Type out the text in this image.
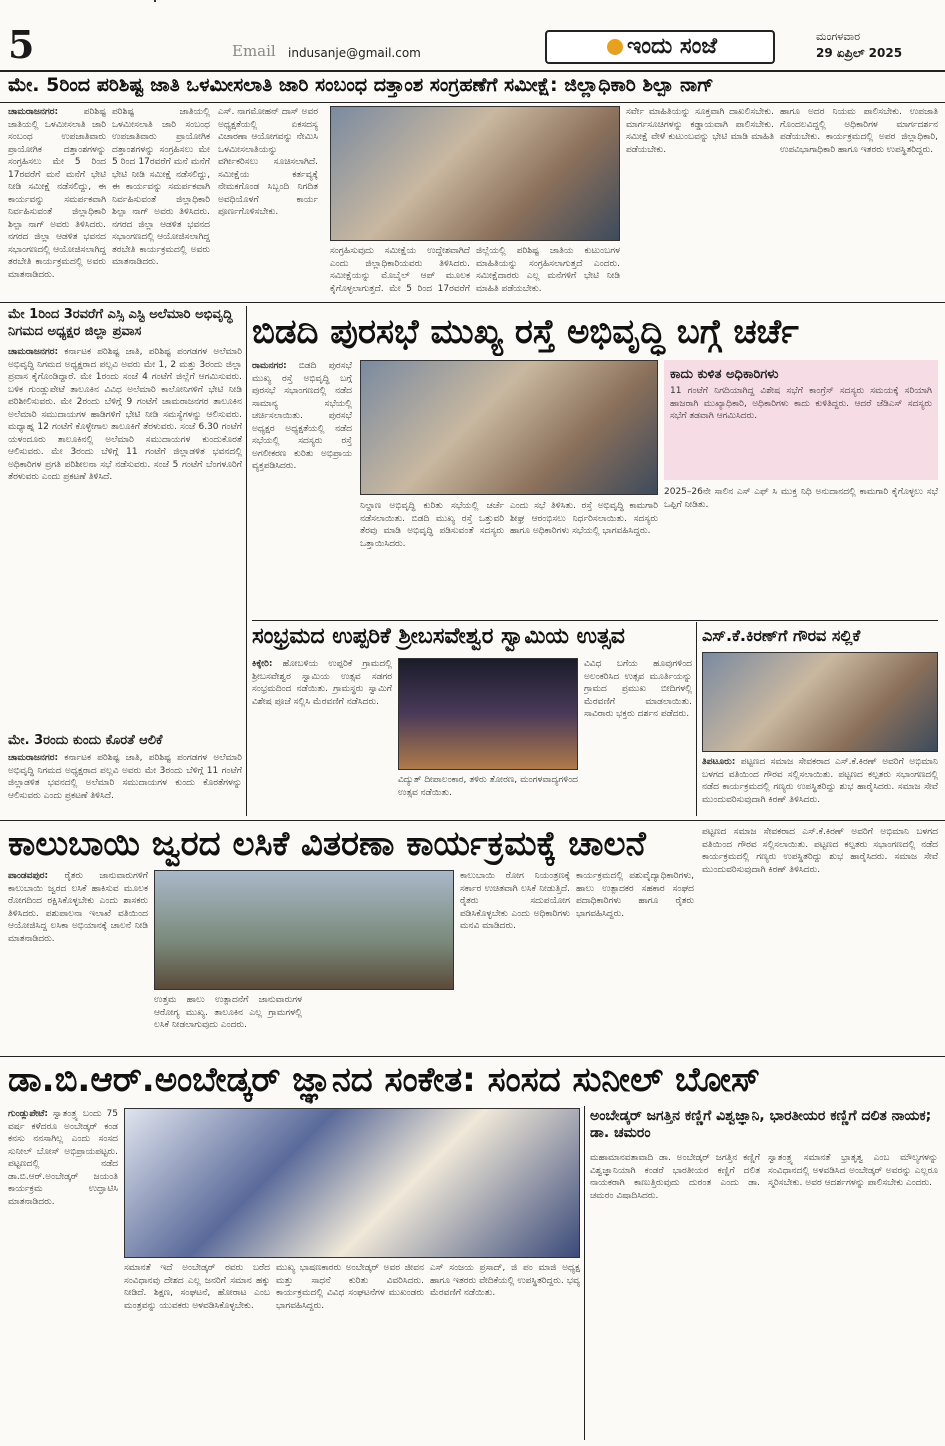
5	Email indusanje@gmail.com	ಇಂದು ಸಂಜೆ	ಮಂಗಳವಾರ
29 ಏಪ್ರಿಲ್ 2025
ಮೇ. 5ರಿಂದ ಪರಿಶಿಷ್ಟ ಜಾತಿ ಒಳಮೀಸಲಾತಿ ಜಾರಿ ಸಂಬಂಧ ದತ್ತಾಂಶ ಸಂಗ್ರಹಣೆಗೆ ಸಮೀಕ್ಷೆ: ಜಿಲ್ಲಾಧಿಕಾರಿ ಶಿಲ್ಪಾ ನಾಗ್
ಚಾಮರಾಜನಗರ:	ಪರಿಶಿಷ್ಟ ಜಾತಿಯಲ್ಲಿ ಒಳಮೀಸಲಾತಿ ಜಾರಿ ಸಂಬಂಧ ಉಪಜಾತಿವಾರು ಪ್ರಾಯೋಗಿಕ ದತ್ತಾಂಶಗಳನ್ನು ಸಂಗ್ರಹಿಸಲು ಮೇ 5 ರಿಂದ 17ರವರೆಗೆ ಮನೆ ಮನೆಗೆ ಭೇಟಿ ನೀಡಿ ಸಮೀಕ್ಷೆ ನಡೆಸಲಿದ್ದು, ಈ ಕಾರ್ಯವನ್ನು ಸಮರ್ಪಕವಾಗಿ ನಿರ್ವಹಿಸುವಂತೆ ಜಿಲ್ಲಾಧಿಕಾರಿ ಶಿಲ್ಪಾ ನಾಗ್ ಅವರು ತಿಳಿಸಿದರು. ನಗರದ ಜಿಲ್ಲಾ ಆಡಳಿತ ಭವನದ ಸಭಾಂಗಣದಲ್ಲಿ ಆಯೋಜಿಸಲಾಗಿದ್ದ ತರಬೇತಿ ಕಾರ್ಯಕ್ರಮದಲ್ಲಿ ಅವರು ಮಾತನಾಡಿದರು.
ಪರಿಶಿಷ್ಟ ಜಾತಿಯಲ್ಲಿ ಒಳಮೀಸಲಾತಿ ಜಾರಿ ಸಂಬಂಧ ಉಪಜಾತಿವಾರು ಪ್ರಾಯೋಗಿಕ ದತ್ತಾಂಶಗಳನ್ನು ಸಂಗ್ರಹಿಸಲು ಮೇ 5 ರಿಂದ 17ರವರೆಗೆ ಮನೆ ಮನೆಗೆ ಭೇಟಿ ನೀಡಿ ಸಮೀಕ್ಷೆ ನಡೆಸಲಿದ್ದು, ಈ ಕಾರ್ಯವನ್ನು ಸಮರ್ಪಕವಾಗಿ ನಿರ್ವಹಿಸುವಂತೆ ಜಿಲ್ಲಾಧಿಕಾರಿ ಶಿಲ್ಪಾ ನಾಗ್ ಅವರು ತಿಳಿಸಿದರು. ನಗರದ ಜಿಲ್ಲಾ ಆಡಳಿತ ಭವನದ ಸಭಾಂಗಣದಲ್ಲಿ ಆಯೋಜಿಸಲಾಗಿದ್ದ ತರಬೇತಿ ಕಾರ್ಯಕ್ರಮದಲ್ಲಿ ಅವರು ಮಾತನಾಡಿದರು.
ಎಸ್. ನಾಗಮೋಹನ್ ದಾಸ್ ಅವರ ಅಧ್ಯಕ್ಷತೆಯಲ್ಲಿ ಏಕಸದಸ್ಯ ವಿಚಾರಣಾ ಆಯೋಗವನ್ನು ನೇಮಿಸಿ ಒಳಮೀಸಲಾತಿಯನ್ನು ವರ್ಗೀಕರಿಸಲು ಸೂಚಿಸಲಾಗಿದೆ. ಸಮೀಕ್ಷೆಯ ಕರ್ತವ್ಯಕ್ಕೆ ನೇಮಕಗೊಂಡ ಸಿಬ್ಬಂದಿ ನಿಗದಿತ ಅವಧಿಯೊಳಗೆ ಕಾರ್ಯ ಪೂರ್ಣಗೊಳಿಸಬೇಕು.
ಸಂಗ್ರಹಿಸುವುದು ಸಮೀಕ್ಷೆಯ ಉದ್ದೇಶವಾಗಿದೆ ಎಂದು ಜಿಲ್ಲಾಧಿಕಾರಿಯವರು ತಿಳಿಸಿದರು. ಸಮೀಕ್ಷೆಯನ್ನು ಮೊಬೈಲ್ ಆಪ್ ಮೂಲಕ ಕೈಗೊಳ್ಳಲಾಗುತ್ತದೆ. ಮೇ 5 ರಿಂದ 17ರವರೆಗೆ
ಜಿಲ್ಲೆಯಲ್ಲಿ ಪರಿಶಿಷ್ಟ ಜಾತಿಯ ಕುಟುಂಬಗಳ ಮಾಹಿತಿಯನ್ನು ಸಂಗ್ರಹಿಸಲಾಗುತ್ತದೆ ಎಂದರು. ಸಮೀಕ್ಷೆದಾರರು ಎಲ್ಲ ಮನೆಗಳಿಗೆ ಭೇಟಿ ನೀಡಿ ಮಾಹಿತಿ ಪಡೆಯಬೇಕು.
ಸರ್ವೇ ಮಾಹಿತಿಯನ್ನು ಸೂಕ್ತವಾಗಿ ದಾಖಲಿಸಬೇಕು. ಮಾರ್ಗಸೂಚಿಗಳನ್ನು ಕಡ್ಡಾಯವಾಗಿ ಪಾಲಿಸಬೇಕು. ಸಮೀಕ್ಷೆ ವೇಳೆ ಕುಟುಂಬವನ್ನು ಭೇಟಿ ಮಾಡಿ ಮಾಹಿತಿ ಪಡೆಯಬೇಕು.
ಹಾಗೂ ಅದರ ನಿಯಮ ಪಾಲಿಸಬೇಕು. ಉಪಜಾತಿ ಗೊಂದಲವಿದ್ದಲ್ಲಿ ಅಧಿಕಾರಿಗಳ ಮಾರ್ಗದರ್ಶನ ಪಡೆಯಬೇಕು. ಕಾರ್ಯಕ್ರಮದಲ್ಲಿ ಅಪರ ಜಿಲ್ಲಾಧಿಕಾರಿ, ಉಪವಿಭಾಗಾಧಿಕಾರಿ ಹಾಗೂ ಇತರರು ಉಪಸ್ಥಿತರಿದ್ದರು.
ಮೇ 1ರಿಂದ 3ರವರೆಗೆ ಎಸ್ಸಿ ಎಸ್ಟಿ ಅಲೆಮಾರಿ ಅಭಿವೃದ್ಧಿ ನಿಗಮದ ಅಧ್ಯಕ್ಷರ ಜಿಲ್ಲಾ ಪ್ರವಾಸ
ಚಾಮರಾಜನಗರ: ಕರ್ನಾಟಕ ಪರಿಶಿಷ್ಟ ಜಾತಿ, ಪರಿಶಿಷ್ಟ ಪಂಗಡಗಳ ಅಲೆಮಾರಿ ಅಭಿವೃದ್ಧಿ ನಿಗಮದ ಅಧ್ಯಕ್ಷರಾದ ಪಲ್ಲವಿ ಅವರು ಮೇ 1, 2 ಮತ್ತು 3ರಂದು ಜಿಲ್ಲಾ ಪ್ರವಾಸ ಕೈಗೊಂಡಿದ್ದಾರೆ. ಮೇ 1ರಂದು ಸಂಜೆ 4 ಗಂಟೆಗೆ ಜಿಲ್ಲೆಗೆ ಆಗಮಿಸುವರು. ಬಳಿಕ ಗುಂಡ್ಲುಪೇಟೆ ತಾಲೂಕಿನ ವಿವಿಧ ಅಲೆಮಾರಿ ಕಾಲೋನಿಗಳಿಗೆ ಭೇಟಿ ನೀಡಿ ಪರಿಶೀಲಿಸುವರು. ಮೇ 2ರಂದು ಬೆಳಿಗ್ಗೆ 9 ಗಂಟೆಗೆ ಚಾಮರಾಜನಗರ ತಾಲೂಕಿನ ಅಲೆಮಾರಿ ಸಮುದಾಯಗಳ ಹಾಡಿಗಳಿಗೆ ಭೇಟಿ ನೀಡಿ ಸಮಸ್ಯೆಗಳನ್ನು ಆಲಿಸುವರು. ಮಧ್ಯಾಹ್ನ 12 ಗಂಟೆಗೆ ಕೊಳ್ಳೇಗಾಲ ತಾಲೂಕಿಗೆ ತೆರಳುವರು. ಸಂಜೆ 6.30 ಗಂಟೆಗೆ ಯಳಂದೂರು ತಾಲೂಕಿನಲ್ಲಿ ಅಲೆಮಾರಿ ಸಮುದಾಯಗಳ ಕುಂದುಕೊರತೆ ಆಲಿಸುವರು. ಮೇ 3ರಂದು ಬೆಳಿಗ್ಗೆ 11 ಗಂಟೆಗೆ ಜಿಲ್ಲಾಡಳಿತ ಭವನದಲ್ಲಿ ಅಧಿಕಾರಿಗಳ ಪ್ರಗತಿ ಪರಿಶೀಲನಾ ಸಭೆ ನಡೆಸುವರು. ಸಂಜೆ 5 ಗಂಟೆಗೆ ಬೆಂಗಳೂರಿಗೆ ತೆರಳುವರು ಎಂದು ಪ್ರಕಟಣೆ ತಿಳಿಸಿದೆ.
ಮೇ. 3ರಂದು ಕುಂದು ಕೊರತೆ ಆಲಿಕೆ
ಚಾಮರಾಜನಗರ: ಕರ್ನಾಟಕ ಪರಿಶಿಷ್ಟ ಜಾತಿ, ಪರಿಶಿಷ್ಟ ಪಂಗಡಗಳ ಅಲೆಮಾರಿ ಅಭಿವೃದ್ಧಿ ನಿಗಮದ ಅಧ್ಯಕ್ಷರಾದ ಪಲ್ಲವಿ ಅವರು ಮೇ 3ರಂದು ಬೆಳಿಗ್ಗೆ 11 ಗಂಟೆಗೆ ಜಿಲ್ಲಾಡಳಿತ ಭವನದಲ್ಲಿ ಅಲೆಮಾರಿ ಸಮುದಾಯಗಳ ಕುಂದು ಕೊರತೆಗಳನ್ನು ಆಲಿಸುವರು ಎಂದು ಪ್ರಕಟಣೆ ತಿಳಿಸಿದೆ.
ಬಿಡದಿ ಪುರಸಭೆ ಮುಖ್ಯ ರಸ್ತೆ ಅಭಿವೃದ್ಧಿ ಬಗ್ಗೆ ಚರ್ಚೆ
ರಾಮನಗರ: ಬಿಡದಿ ಪುರಸಭೆ ಮುಖ್ಯ ರಸ್ತೆ ಅಭಿವೃದ್ಧಿ ಬಗ್ಗೆ ಪುರಸಭೆ ಸಭಾಂಗಣದಲ್ಲಿ ನಡೆದ ಸಾಮಾನ್ಯ ಸಭೆಯಲ್ಲಿ ಚರ್ಚಿಸಲಾಯಿತು. ಪುರಸಭೆ ಅಧ್ಯಕ್ಷರ ಅಧ್ಯಕ್ಷತೆಯಲ್ಲಿ ನಡೆದ ಸಭೆಯಲ್ಲಿ ಸದಸ್ಯರು ರಸ್ತೆ ಅಗಲೀಕರಣ ಕುರಿತು ಅಭಿಪ್ರಾಯ ವ್ಯಕ್ತಪಡಿಸಿದರು.
ನಿಲ್ದಾಣ ಅಭಿವೃದ್ಧಿ ಕುರಿತು ಸಭೆಯಲ್ಲಿ ಚರ್ಚೆ ನಡೆಸಲಾಯಿತು. ಬಿಡದಿ ಮುಖ್ಯ ರಸ್ತೆ ಒತ್ತುವರಿ ತೆರವು ಮಾಡಿ ಅಭಿವೃದ್ಧಿ ಪಡಿಸುವಂತೆ ಸದಸ್ಯರು ಒತ್ತಾಯಿಸಿದರು.
ಎಂದು ಸಭೆ ತಿಳಿಸಿತು. ರಸ್ತೆ ಅಭಿವೃದ್ಧಿ ಕಾಮಗಾರಿ ಶೀಘ್ರ ಆರಂಭಿಸಲು ನಿರ್ಧರಿಸಲಾಯಿತು. ಸದಸ್ಯರು ಹಾಗೂ ಅಧಿಕಾರಿಗಳು ಸಭೆಯಲ್ಲಿ ಭಾಗವಹಿಸಿದ್ದರು.
ಕಾದು ಕುಳಿತ ಅಧಿಕಾರಿಗಳು
11 ಗಂಟೆಗೆ ನಿಗದಿಯಾಗಿದ್ದ ವಿಶೇಷ ಸಭೆಗೆ ಕಾಂಗ್ರೆಸ್ ಸದಸ್ಯರು ಸಮಯಕ್ಕೆ ಸರಿಯಾಗಿ ಹಾಜರಾಗಿ ಮುಖ್ಯಾಧಿಕಾರಿ, ಅಧಿಕಾರಿಗಳು ಕಾದು ಕುಳಿತಿದ್ದರು. ಆದರೆ ಜೆಡಿಎಸ್ ಸದಸ್ಯರು ಸಭೆಗೆ ತಡವಾಗಿ ಆಗಮಿಸಿದರು.
2025–26ನೇ ಸಾಲಿನ ಎಸ್ ಎಫ್ ಸಿ ಮುಕ್ತ ನಿಧಿ ಅನುದಾನದಲ್ಲಿ ಕಾಮಗಾರಿ ಕೈಗೊಳ್ಳಲು ಸಭೆ ಒಪ್ಪಿಗೆ ನೀಡಿತು.
ಸಂಭ್ರಮದ ಉಪ್ಪರಿಕೆ ಶ್ರೀಬಸವೇಶ್ವರ ಸ್ವಾಮಿಯ ಉತ್ಸವ
ಕಿಕ್ಕೇರಿ: ಹೋಬಳಿಯ ಉಪ್ಪರಿಕೆ ಗ್ರಾಮದಲ್ಲಿ ಶ್ರೀಬಸವೇಶ್ವರ ಸ್ವಾಮಿಯ ಉತ್ಸವ ಸಡಗರ ಸಂಭ್ರಮದಿಂದ ನಡೆಯಿತು. ಗ್ರಾಮಸ್ಥರು ಸ್ವಾಮಿಗೆ ವಿಶೇಷ ಪೂಜೆ ಸಲ್ಲಿಸಿ ಮೆರವಣಿಗೆ ನಡೆಸಿದರು.
ವಿದ್ಯುತ್ ದೀಪಾಲಂಕಾರ, ತಳಿರು ತೋರಣ, ಮಂಗಳವಾದ್ಯಗಳಿಂದ ಉತ್ಸವ ನಡೆಯಿತು.
ವಿವಿಧ ಬಗೆಯ ಹೂವುಗಳಿಂದ ಅಲಂಕರಿಸಿದ ಉತ್ಸವ ಮೂರ್ತಿಯನ್ನು ಗ್ರಾಮದ ಪ್ರಮುಖ ಬೀದಿಗಳಲ್ಲಿ ಮೆರವಣಿಗೆ ಮಾಡಲಾಯಿತು. ಸಾವಿರಾರು ಭಕ್ತರು ದರ್ಶನ ಪಡೆದರು.
ಎಸ್.ಕೆ.ಕಿರಣ್‌ಗೆ ಗೌರವ ಸಲ್ಲಿಕೆ
ತಿಪಟೂರು: ಪಟ್ಟಣದ ಸಮಾಜ ಸೇವಕರಾದ ಎಸ್.ಕೆ.ಕಿರಣ್ ಅವರಿಗೆ ಅಭಿಮಾನಿ ಬಳಗದ ವತಿಯಿಂದ ಗೌರವ ಸಲ್ಲಿಸಲಾಯಿತು. ಪಟ್ಟಣದ ಕಲ್ಪತರು ಸಭಾಂಗಣದಲ್ಲಿ ನಡೆದ ಕಾರ್ಯಕ್ರಮದಲ್ಲಿ ಗಣ್ಯರು ಉಪಸ್ಥಿತರಿದ್ದು ಶುಭ ಹಾರೈಸಿದರು. ಸಮಾಜ ಸೇವೆ ಮುಂದುವರಿಸುವುದಾಗಿ ಕಿರಣ್ ತಿಳಿಸಿದರು.
ಕಾಲುಬಾಯಿ ಜ್ವರದ ಲಸಿಕೆ ವಿತರಣಾ ಕಾರ್ಯಕ್ರಮಕ್ಕೆ ಚಾಲನೆ
ಪಾಂಡವಪುರ: ರೈತರು ಜಾನುವಾರುಗಳಿಗೆ ಕಾಲುಬಾಯಿ ಜ್ವರದ ಲಸಿಕೆ ಹಾಕಿಸುವ ಮೂಲಕ ರೋಗದಿಂದ ರಕ್ಷಿಸಿಕೊಳ್ಳಬೇಕು ಎಂದು ಶಾಸಕರು ತಿಳಿಸಿದರು. ಪಶುಪಾಲನಾ ಇಲಾಖೆ ವತಿಯಿಂದ ಆಯೋಜಿಸಿದ್ದ ಲಸಿಕಾ ಅಭಿಯಾನಕ್ಕೆ ಚಾಲನೆ ನೀಡಿ ಮಾತನಾಡಿದರು.
ಉತ್ತಮ ಹಾಲು ಉತ್ಪಾದನೆಗೆ ಜಾನುವಾರುಗಳ ಆರೋಗ್ಯ ಮುಖ್ಯ. ತಾಲೂಕಿನ ಎಲ್ಲ ಗ್ರಾಮಗಳಲ್ಲಿ ಲಸಿಕೆ ನೀಡಲಾಗುವುದು ಎಂದರು.
ಕಾಲುಬಾಯಿ ರೋಗ ನಿಯಂತ್ರಣಕ್ಕೆ ಸರ್ಕಾರ ಉಚಿತವಾಗಿ ಲಸಿಕೆ ನೀಡುತ್ತಿದೆ. ರೈತರು ಸದುಪಯೋಗ ಪಡಿಸಿಕೊಳ್ಳಬೇಕು ಎಂದು ಅಧಿಕಾರಿಗಳು ಮನವಿ ಮಾಡಿದರು.
ಕಾರ್ಯಕ್ರಮದಲ್ಲಿ ಪಶುವೈದ್ಯಾಧಿಕಾರಿಗಳು, ಹಾಲು ಉತ್ಪಾದಕರ ಸಹಕಾರ ಸಂಘದ ಪದಾಧಿಕಾರಿಗಳು ಹಾಗೂ ರೈತರು ಭಾಗವಹಿಸಿದ್ದರು.
ಪಟ್ಟಣದ ಸಮಾಜ ಸೇವಕರಾದ ಎಸ್.ಕೆ.ಕಿರಣ್ ಅವರಿಗೆ ಅಭಿಮಾನಿ ಬಳಗದ ವತಿಯಿಂದ ಗೌರವ ಸಲ್ಲಿಸಲಾಯಿತು. ಪಟ್ಟಣದ ಕಲ್ಪತರು ಸಭಾಂಗಣದಲ್ಲಿ ನಡೆದ ಕಾರ್ಯಕ್ರಮದಲ್ಲಿ ಗಣ್ಯರು ಉಪಸ್ಥಿತರಿದ್ದು ಶುಭ ಹಾರೈಸಿದರು. ಸಮಾಜ ಸೇವೆ ಮುಂದುವರಿಸುವುದಾಗಿ ಕಿರಣ್ ತಿಳಿಸಿದರು.
ಡಾ.ಬಿ.ಆರ್.ಅಂಬೇಡ್ಕರ್ ಜ್ಞಾನದ ಸಂಕೇತ: ಸಂಸದ ಸುನೀಲ್ ಬೋಸ್
ಗುಂಡ್ಲುಪೇಟೆ: ಸ್ವಾತಂತ್ರ್ಯ ಬಂದು 75 ವರ್ಷ ಕಳೆದರೂ ಅಂಬೇಡ್ಕರ್ ಕಂಡ ಕನಸು ನನಸಾಗಿಲ್ಲ ಎಂದು ಸಂಸದ ಸುನೀಲ್ ಬೋಸ್ ಅಭಿಪ್ರಾಯಪಟ್ಟರು. ಪಟ್ಟಣದಲ್ಲಿ ನಡೆದ ಡಾ.ಬಿ.ಆರ್.ಅಂಬೇಡ್ಕರ್ ಜಯಂತಿ ಕಾರ್ಯಕ್ರಮ ಉದ್ಘಾಟಿಸಿ ಮಾತನಾಡಿದರು.
ಸಮಾನತೆ ಇದೆ ಅಂಬೇಡ್ಕರ್ ರವರು ಬರೆದ ಸಂವಿಧಾನವು ದೇಶದ ಎಲ್ಲ ಜನರಿಗೆ ಸಮಾನ ಹಕ್ಕು ನೀಡಿದೆ. ಶಿಕ್ಷಣ, ಸಂಘಟನೆ, ಹೋರಾಟ ಎಂಬ ಮಂತ್ರವನ್ನು ಯುವಕರು ಅಳವಡಿಸಿಕೊಳ್ಳಬೇಕು.
ಮುಖ್ಯ ಭಾಷಣಕಾರರು ಅಂಬೇಡ್ಕರ್ ಅವರ ಜೀವನ ಮತ್ತು ಸಾಧನೆ ಕುರಿತು ವಿವರಿಸಿದರು. ಕಾರ್ಯಕ್ರಮದಲ್ಲಿ ವಿವಿಧ ಸಂಘಟನೆಗಳ ಮುಖಂಡರು ಭಾಗವಹಿಸಿದ್ದರು.
ಎಸ್ ಸಂಜಯ ಪ್ರಸಾದ್, ಜಿ ಪಂ ಮಾಜಿ ಅಧ್ಯಕ್ಷ ಹಾಗೂ ಇತರರು ವೇದಿಕೆಯಲ್ಲಿ ಉಪಸ್ಥಿತರಿದ್ದರು. ಭವ್ಯ ಮೆರವಣಿಗೆ ನಡೆಯಿತು.
ಅಂಬೇಡ್ಕರ್ ಜಗತ್ತಿನ ಕಣ್ಣಿಗೆ ವಿಶ್ವಜ್ಞಾನಿ, ಭಾರತೀಯರ ಕಣ್ಣಿಗೆ ದಲಿತ ನಾಯಕ; ಡಾ. ಚಮರಂ
ಮಹಾಮಾನವತಾವಾದಿ ಡಾ. ಅಂಬೇಡ್ಕರ್ ಜಗತ್ತಿನ ಕಣ್ಣಿಗೆ ವಿಶ್ವಜ್ಞಾನಿಯಾಗಿ ಕಂಡರೆ ಭಾರತೀಯರ ಕಣ್ಣಿಗೆ ದಲಿತ ನಾಯಕರಾಗಿ ಕಾಣುತ್ತಿರುವುದು ದುರಂತ ಎಂದು ಡಾ. ಚಮರಂ ವಿಷಾದಿಸಿದರು.
ಸ್ವಾತಂತ್ರ್ಯ ಸಮಾನತೆ ಭ್ರಾತೃತ್ವ ಎಂಬ ಮೌಲ್ಯಗಳನ್ನು ಸಂವಿಧಾನದಲ್ಲಿ ಅಳವಡಿಸಿದ ಅಂಬೇಡ್ಕರ್ ಅವರನ್ನು ಎಲ್ಲರೂ ಸ್ಮರಿಸಬೇಕು. ಅವರ ಆದರ್ಶಗಳನ್ನು ಪಾಲಿಸಬೇಕು ಎಂದರು.
